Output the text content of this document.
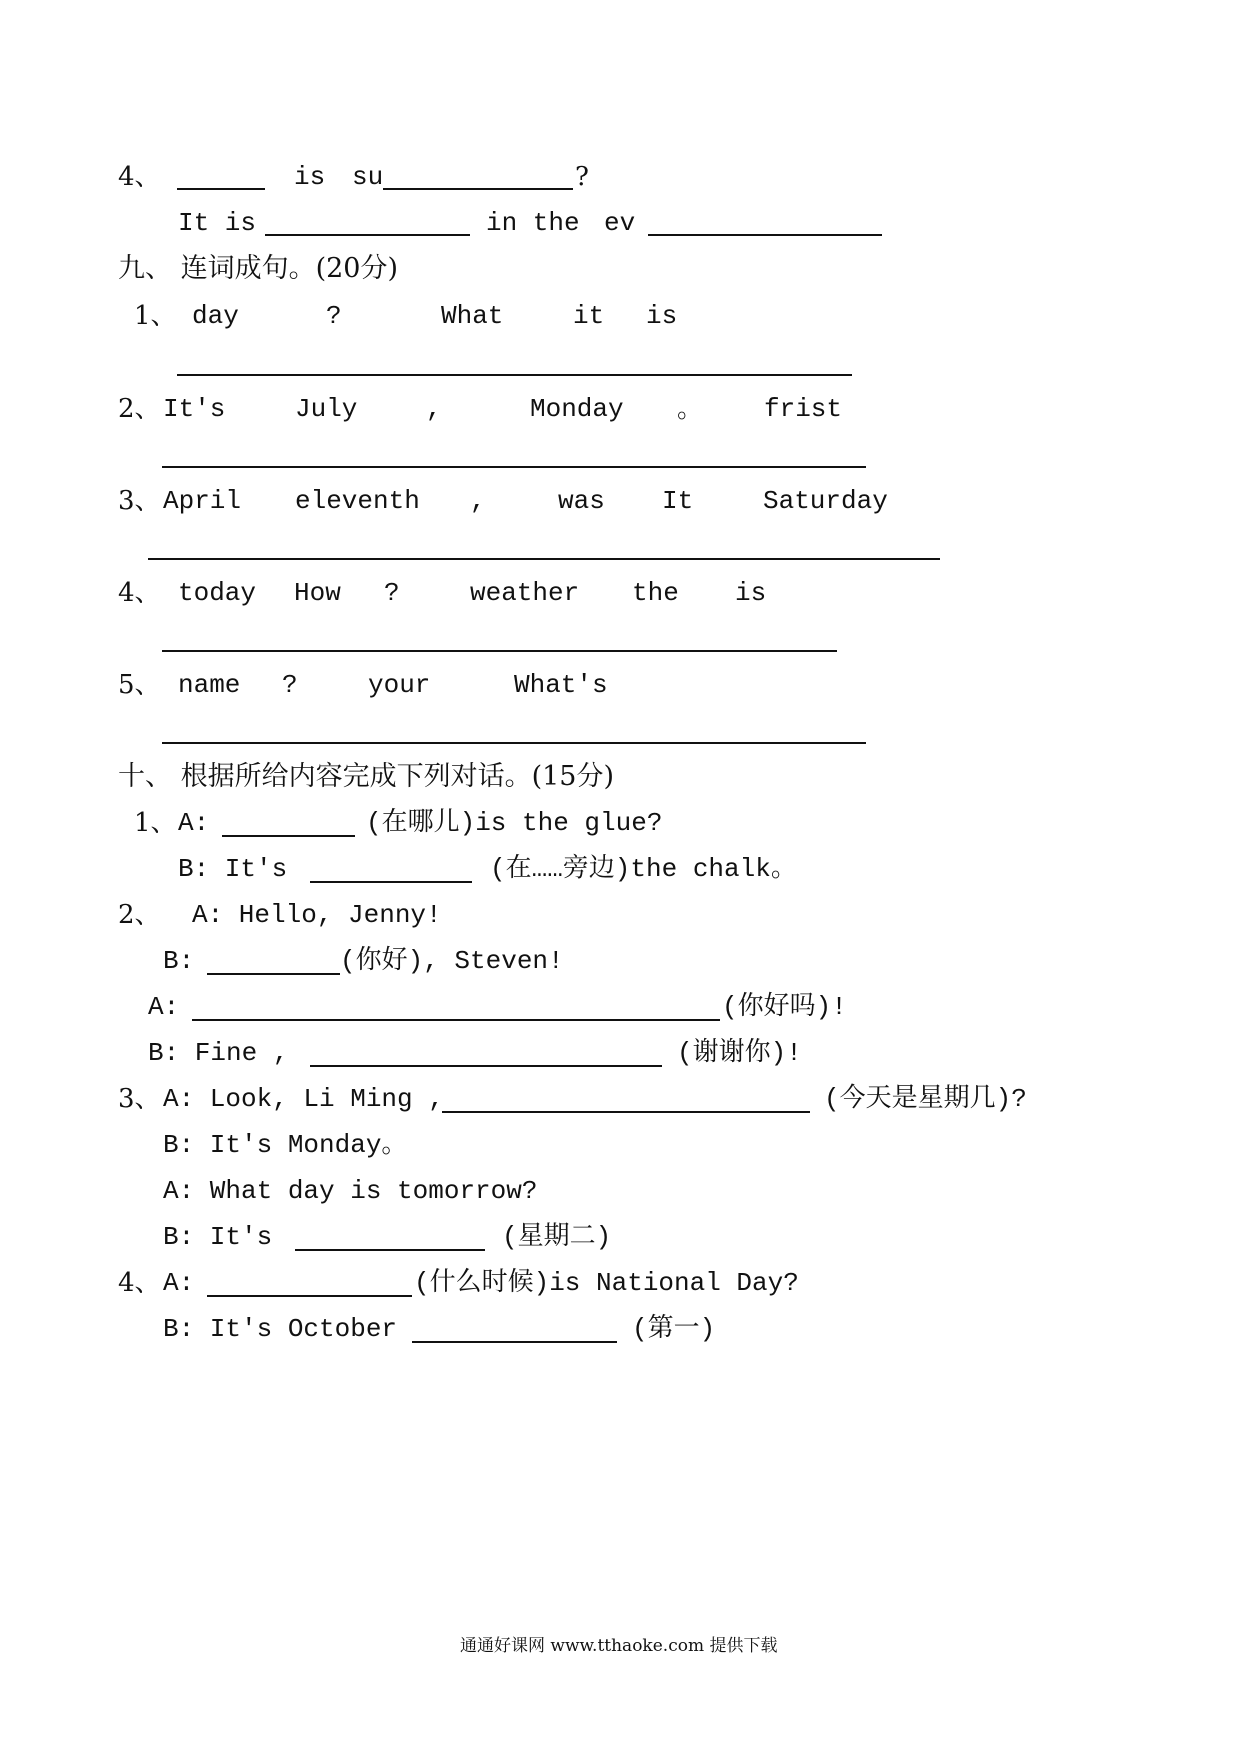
4、	is su	?
It is	in the ev
九、 连词成句。(20分)
1、 day	?	What	it is
2、 It′s	July	,	Monday 。 frist
3、 April eleventh ,	was It	Saturday
4、 today How ?	weather the is
5、 name ?	your	What′s
十、 根据所给内容完成下列对话。(15分)
1、 A:	(在哪儿)is the glue?
B: It′s	(在……旁边)the chalk。
2、 A: Hello, Jenny!
B:	(你好), Steven!
A:	(你好吗)!
B: Fine ,	(谢谢你)!
3、 A: Look, Li Ming ,	(今天是星期几)?
B: It′s Monday。
A: What day is tomorrow?
B: It′s	(星期二)
4、 A:	(什么时候)is National Day?
B: It′s October	(第一)
通通好课网 www.tthaoke.com 提供下载
